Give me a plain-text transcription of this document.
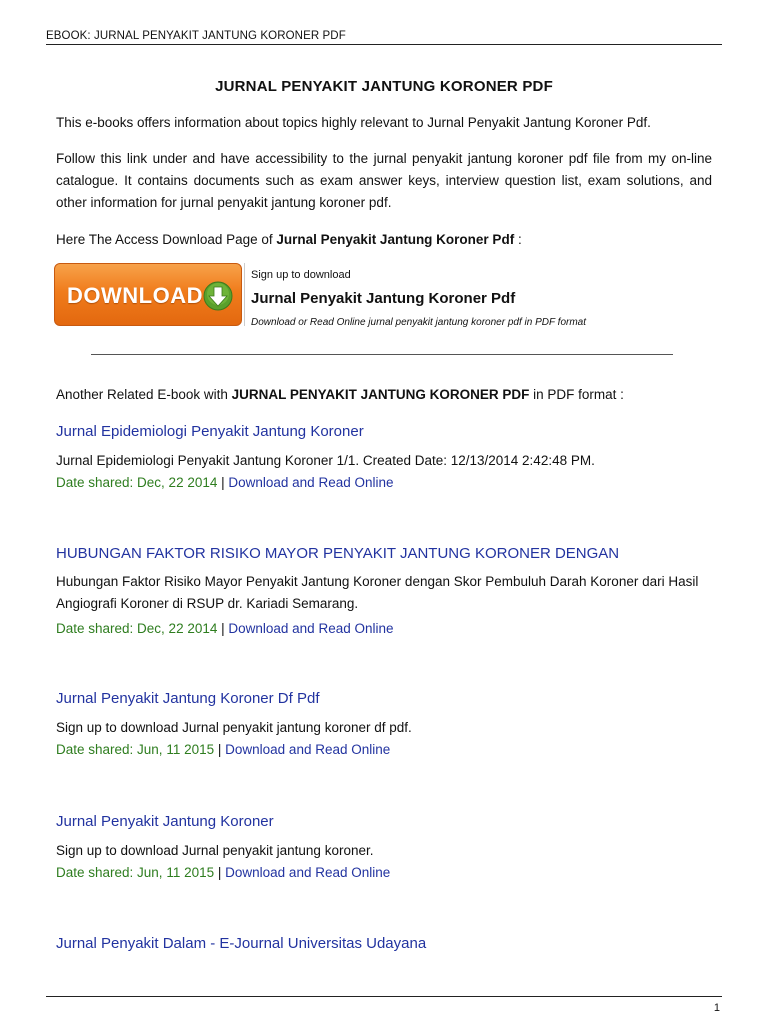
EBOOK: JURNAL PENYAKIT JANTUNG KORONER PDF
JURNAL PENYAKIT JANTUNG KORONER PDF
This e-books offers information about topics highly relevant to Jurnal Penyakit Jantung Koroner Pdf.
Follow this link under and have accessibility to the jurnal penyakit jantung koroner pdf file from my on-line catalogue. It contains documents such as exam answer keys, interview question list, exam solutions, and other information for jurnal penyakit jantung koroner pdf.
Here The Access Download Page of Jurnal Penyakit Jantung Koroner Pdf :
DOWNLOAD
Sign up to download
Jurnal Penyakit Jantung Koroner Pdf
Download or Read Online jurnal penyakit jantung koroner pdf in PDF format
Another Related E-book with JURNAL PENYAKIT JANTUNG KORONER PDF in PDF format :
Jurnal Epidemiologi Penyakit Jantung Koroner
Jurnal Epidemiologi Penyakit Jantung Koroner 1/1. Created Date: 12/13/2014 2:42:48 PM.
Date shared: Dec, 22 2014 | Download and Read Online
HUBUNGAN FAKTOR RISIKO MAYOR PENYAKIT JANTUNG KORONER DENGAN
Hubungan Faktor Risiko Mayor Penyakit Jantung Koroner dengan Skor Pembuluh Darah Koroner dari Hasil Angiografi Koroner di RSUP dr. Kariadi Semarang.
Date shared: Dec, 22 2014 | Download and Read Online
Jurnal Penyakit Jantung Koroner Df Pdf
Sign up to download Jurnal penyakit jantung koroner df pdf.
Date shared: Jun, 11 2015 | Download and Read Online
Jurnal Penyakit Jantung Koroner
Sign up to download Jurnal penyakit jantung koroner.
Date shared: Jun, 11 2015 | Download and Read Online
Jurnal Penyakit Dalam - E-Journal Universitas Udayana
1
